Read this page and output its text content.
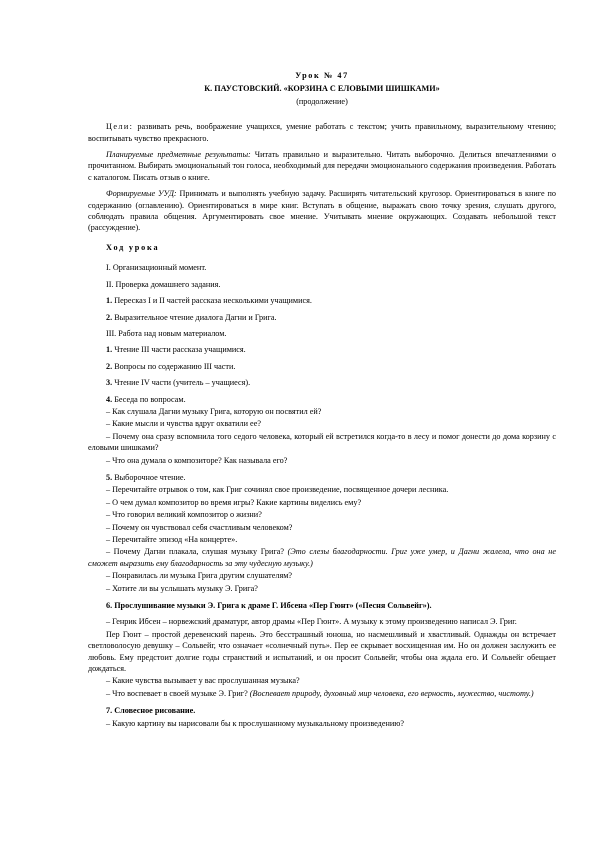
Урок № 47
К. ПАУСТОВСКИЙ. «КОРЗИНА С ЕЛОВЫМИ ШИШКАМИ»
(продолжение)

Цели: развивать речь, воображение учащихся, умение работать с текстом; учить правильному, выразительному чтению; воспитывать чувство прекрасного.

Планируемые предметные результаты: Читать правильно и выразительно. Читать выборочно. Делиться впечатлениями о прочитанном. Выбирать эмоциональный тон голоса, необходимый для передачи эмоционального содержания произведения. Работать с каталогом. Писать отзыв о книге.

Формируемые УУД: Принимать и выполнять учебную задачу. Расширять читательский кругозор. Ориентироваться в книге по содержанию (оглавлению). Ориентироваться в мире книг. Вступать в общение, выражать свою точку зрения, слушать другого, соблюдать правила общения. Аргументировать свое мнение. Учитывать мнение окружающих. Создавать небольшой текст (рассуждение).

Ход урока
I. Организационный момент.
II. Проверка домашнего задания.
1. Пересказ I и II частей рассказа несколькими учащимися.
2. Выразительное чтение диалога Дагни и Грига.
III. Работа над новым материалом.
1. Чтение III части рассказа учащимися.
2. Вопросы по содержанию III части.
3. Чтение IV части (учитель – учащиеся).
4. Беседа по вопросам.

– Как слушала Дагни музыку Грига, которую он посвятил ей?

– Какие мысли и чувства вдруг охватили ее?

– Почему она сразу вспомнила того седого человека, который ей встретился когда-то в лесу и помог донести до дома корзину с еловыми шишками?

– Что она думала о композиторе? Как называла его?

5. Выборочное чтение.

– Перечитайте отрывок о том, как Григ сочинял свое произведение, посвященное дочери лесника.

– О чем думал композитор во время игры? Какие картины виделись ему?

– Что говорил великий композитор о жизни?

– Почему он чувствовал себя счастливым человеком?

– Перечитайте эпизод «На концерте».

– Почему Дагни плакала, слушая музыку Грига? (Это слезы благодарности. Григ уже умер, и Дагни жалела, что она не сможет выразить ему благодарность за эту чудесную музыку.)

– Понравилась ли музыка Грига другим слушателям?

– Хотите ли вы услышать музыку Э. Грига?

6. Прослушивание музыки Э. Грига к драме Г. Ибсена «Пер Гюнт» («Песня Сольвейг»).

– Генрик Ибсен – норвежский драматург, автор драмы «Пер Гюнт». А музыку к этому произведению написал Э. Григ.

Пер Гюнт – простой деревенский парень. Это бесстрашный юноша, но насмешливый и хвастливый. Однажды он встречает светловолосую девушку – Сольвейг, что означает «солнечный путь». Пер ее скрывает восхищенная им. Но он должен заслужить ее любовь. Ему предстоит долгие годы странствий и испытаний, и он просит Сольвейг, чтобы она ждала его. И Сольвейг обещает дождаться.

– Какие чувства вызывает у вас прослушанная музыка?

– Что воспевает в своей музыке Э. Григ? (Воспевает природу, духовный мир человека, его верность, мужество, чистоту.)

7. Словесное рисование.

– Какую картину вы нарисовали бы к прослушанному музыкальному произведению?
